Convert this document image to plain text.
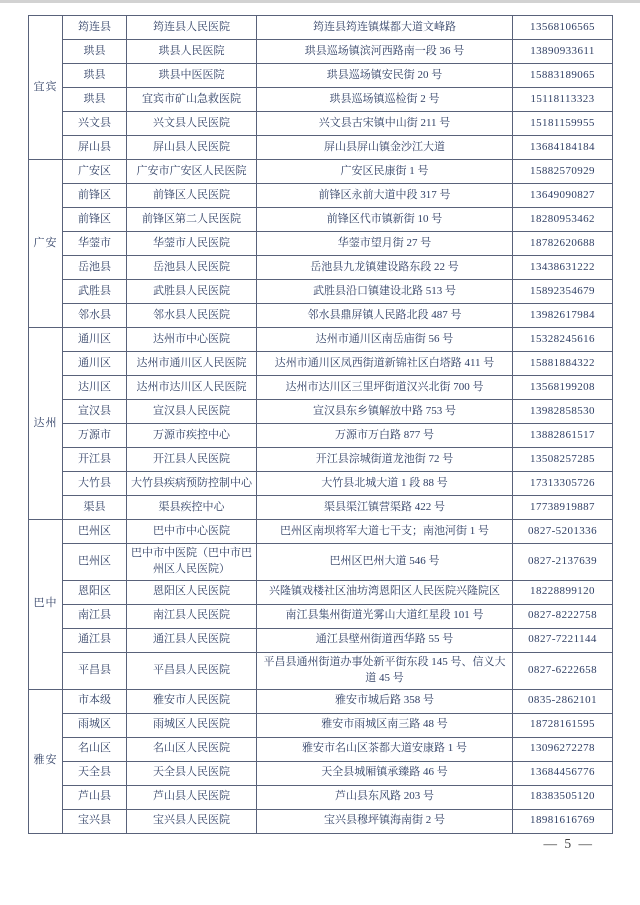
宜宾	筠连县	筠连县人民医院	筠连县筠连镇煤都大道文峰路	13568106565
	珙县	珙县人民医院	珙县巡场镇滨河西路南一段 36 号	13890933611
	珙县	珙县中医医院	珙县巡场镇安民街 20 号	15883189065
	珙县	宜宾市矿山急救医院	珙县巡场镇巡检街 2 号	15118113323
	兴文县	兴文县人民医院	兴文县古宋镇中山街 211 号	15181159955
	屏山县	屏山县人民医院	屏山县屏山镇金沙江大道	13684184184
广安	广安区	广安市广安区人民医院	广安区民康街 1 号	15882570929
	前锋区	前锋区人民医院	前锋区永前大道中段 317 号	13649090827
	前锋区	前锋区第二人民医院	前锋区代市镇新街 10 号	18280953462
	华蓥市	华蓥市人民医院	华蓥市望月街 27 号	18782620688
	岳池县	岳池县人民医院	岳池县九龙镇建设路东段 22 号	13438631222
	武胜县	武胜县人民医院	武胜县沿口镇建设北路 513 号	15892354679
	邻水县	邻水县人民医院	邻水县鼎屏镇人民路北段 487 号	13982617984
达州	通川区	达州市中心医院	达州市通川区南岳庙街 56 号	15328245616
	通川区	达州市通川区人民医院	达州市通川区凤西街道新锦社区白塔路 411 号	15881884322
	达川区	达州市达川区人民医院	达州市达川区三里坪街道汉兴北街 700 号	13568199208
	宣汉县	宣汉县人民医院	宣汉县东乡镇解放中路 753 号	13982858530
	万源市	万源市疾控中心	万源市万白路 877 号	13882861517
	开江县	开江县人民医院	开江县淙城街道龙池街 72 号	13508257285
	大竹县	大竹县疾病预防控制中心	大竹县北城大道 1 段 88 号	17313305726
	渠县	渠县疾控中心	渠县渠江镇营渠路 422 号	17738919887
巴中	巴州区	巴中市中心医院	巴州区南坝将军大道七干支；南池河街 1 号	0827-5201336
	巴州区	巴中市中医院（巴中市巴州区人民医院）	巴州区巴州大道 546 号	0827-2137639
	恩阳区	恩阳区人民医院	兴隆镇戏楼社区油坊湾恩阳区人民医院兴隆院区	18228899120
	南江县	南江县人民医院	南江县集州街道光雾山大道红星段 101 号	0827-8222758
	通江县	通江县人民医院	通江县壁州街道西华路 55 号	0827-7221144
	平昌县	平昌县人民医院	平昌县通州街道办事处新平街东段 145 号、信义大道 45 号	0827-6222658
雅安	市本级	雅安市人民医院	雅安市城后路 358 号	0835-2862101
	雨城区	雨城区人民医院	雅安市雨城区南三路 48 号	18728161595
	名山区	名山区人民医院	雅安市名山区茶都大道安康路 1 号	13096272278
	天全县	天全县人民医院	天全县城厢镇承臻路 46 号	13684456776
	芦山县	芦山县人民医院	芦山县东风路 203 号	18383505120
	宝兴县	宝兴县人民医院	宝兴县穆坪镇海南街 2 号	18981616769
— 5 —
